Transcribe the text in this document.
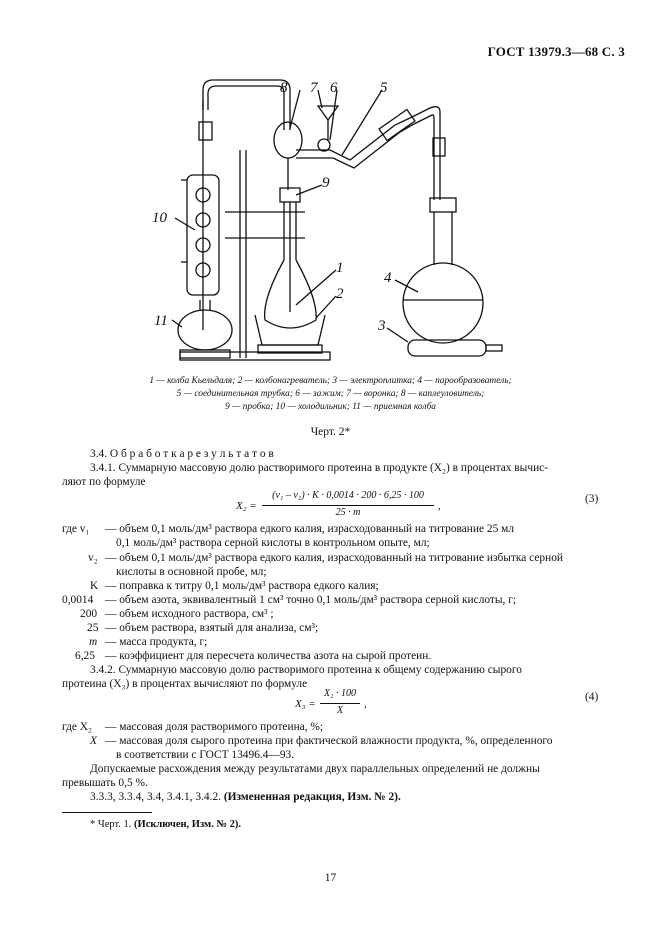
ГОСТ 13979.3—68 С. 3
8 7 6	5
9
10
1
2
4
3
11
1 — колба Кьельдаля; 2 — колбонагреватель; 3 — электроплитка; 4 — парообразователь;
5 — соединительная трубка; 6 — зажим; 7 — воронка; 8 — каплеуловитель;
9 — пробка; 10 — холодильник; 11 — приемная колба
Черт. 2*
3.4. О б р а б о т к а р е з у л ь т а т о в
3.4.1. Суммарную массовую долю растворимого протеина в продукте (X₂) в процентах вычис-
ляют по формуле
X₂ =
(v₁ – v₂) · K · 0,0014 · 200 · 6,25 · 100
25 · m
,
(3)
где v₁ — объем 0,1 моль/дм³ раствора едкого калия, израсходованный на титрование 25 мл
0,1 моль/дм³ раствора серной кислоты в контрольном опыте, мл;
v₂ — объем 0,1 моль/дм³ раствора едкого калия, израсходованный на титрование избытка серной
кислоты в основной пробе, мл;
K — поправка к титру 0,1 моль/дм³ раствора едкого калия;
0,0014 — объем азота, эквивалентный 1 см³ точно 0,1 моль/дм³ раствора серной кислоты, г;
200 — объем исходного раствора, см³ ;
25 — объем раствора, взятый для анализа, см³;
m — масса продукта, г;
6,25 — коэффициент для пересчета количества азота на сырой протеин.
3.4.2. Суммарную массовую долю растворимого протеина к общему содержанию сырого
протеина (X₃) в процентах вычисляют по формуле
X₃ =
X₂ · 100
X
,
(4)
где X₂ — массовая доля растворимого протеина, %;
X — массовая доля сырого протеина при фактической влажности продукта, %, определенного
в соответствии с ГОСТ 13496.4—93.
Допускаемые расхождения между результатами двух параллельных определений не должны
превышать 0,5 %.
3.3.3, 3.3.4, 3.4, 3.4.1, 3.4.2. (Измененная редакция, Изм. № 2).
* Черт. 1. (Исключен, Изм. № 2).
17
